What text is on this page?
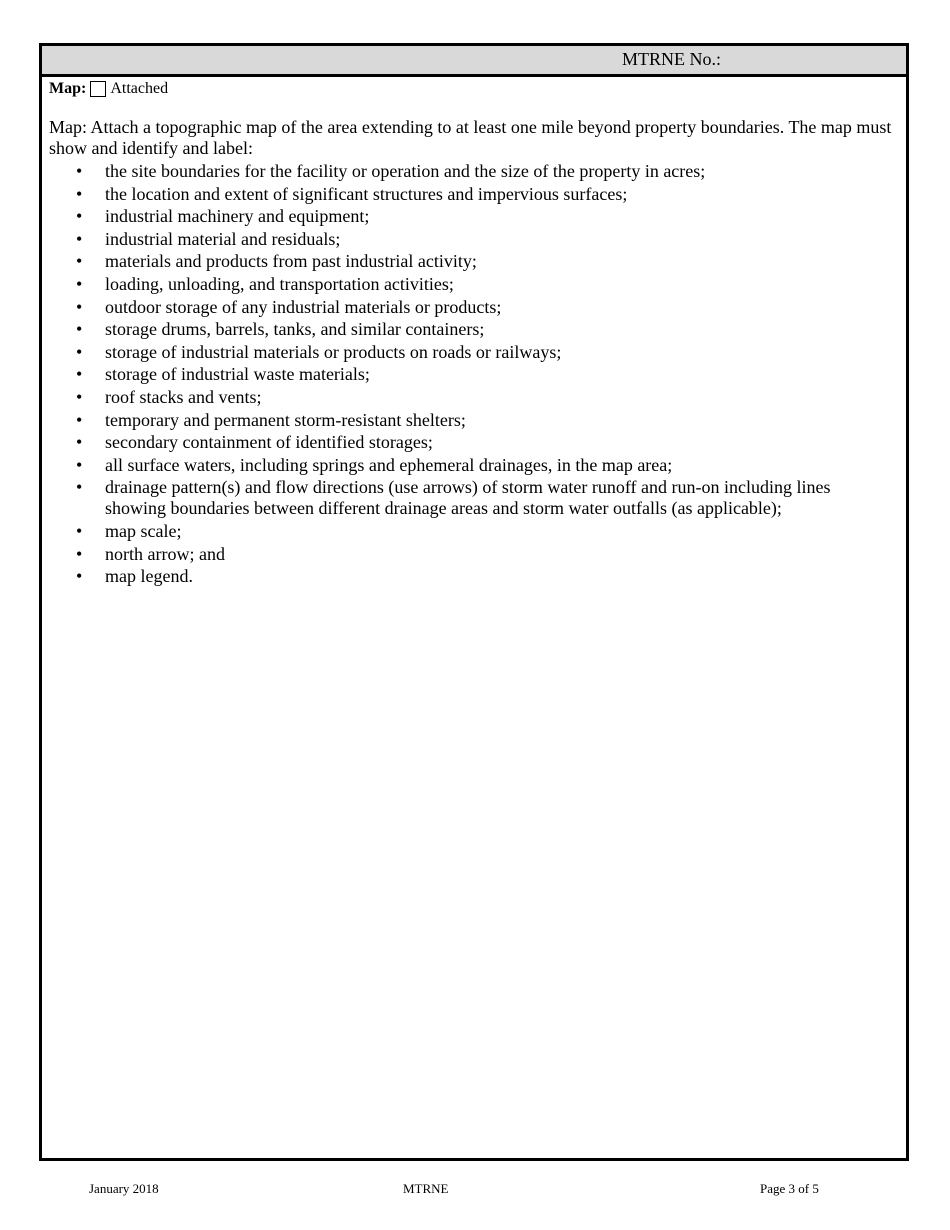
MTRNE No.:
Map: Attached
Map: Attach a topographic map of the area extending to at least one mile beyond property boundaries. The map must show and identify and label:
• the site boundaries for the facility or operation and the size of the property in acres;
• the location and extent of significant structures and impervious surfaces;
• industrial machinery and equipment;
• industrial material and residuals;
• materials and products from past industrial activity;
• loading, unloading, and transportation activities;
• outdoor storage of any industrial materials or products;
• storage drums, barrels, tanks, and similar containers;
• storage of industrial materials or products on roads or railways;
• storage of industrial waste materials;
• roof stacks and vents;
• temporary and permanent storm-resistant shelters;
• secondary containment of identified storages;
• all surface waters, including springs and ephemeral drainages, in the map area;
• drainage pattern(s) and flow directions (use arrows) of storm water runoff and run-on including lines showing boundaries between different drainage areas and storm water outfalls (as applicable);
• map scale;
• north arrow; and
• map legend.
January 2018	MTRNE	Page 3 of 5
